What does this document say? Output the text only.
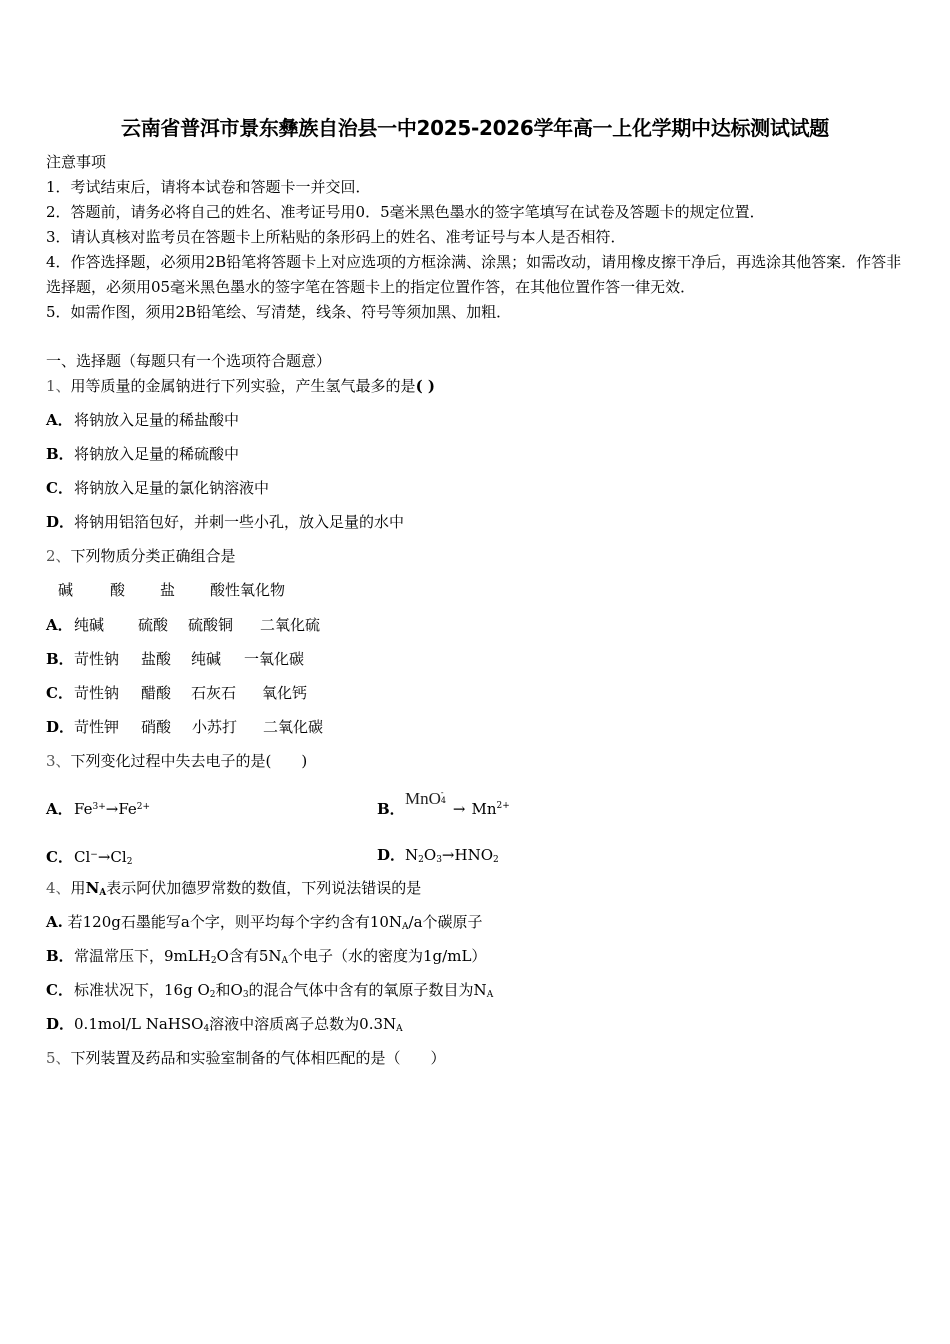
云南省普洱市景东彝族自治县一中2025-2026学年高一上化学期中达标测试试题
注意事项
1．考试结束后，请将本试卷和答题卡一并交回．
2．答题前，请务必将自己的姓名、准考证号用0．5毫米黑色墨水的签字笔填写在试卷及答题卡的规定位置．
3．请认真核对监考员在答题卡上所粘贴的条形码上的姓名、准考证号与本人是否相符．
4．作答选择题，必须用2B铅笔将答题卡上对应选项的方框涂满、涂黑；如需改动，请用橡皮擦干净后，再选涂其他答案．作答非选择题，必须用05毫米黑色墨水的签字笔在答题卡上的指定位置作答，在其他位置作答一律无效．
5．如需作图，须用2B铅笔绘、写清楚，线条、符号等须加黑、加粗．
一、选择题（每题只有一个选项符合题意）
1、用等质量的金属钠进行下列实验，产生氢气最多的是( )
A．将钠放入足量的稀盐酸中
B．将钠放入足量的稀硫酸中
C．将钠放入足量的氯化钠溶液中
D．将钠用铝箔包好，并刺一些小孔，放入足量的水中
2、下列物质分类正确组合是
碱 酸 盐 酸性氧化物
A．纯碱 硫酸 硫酸铜 二氧化硫
B．苛性钠 盐酸 纯碱 一氧化碳
C．苛性钠 醋酸 石灰石 氧化钙
D．苛性钾 硝酸 小苏打 二氧化碳
3、下列变化过程中失去电子的是(　　)
A．$Fe^{3+}\to Fe^{2+}$	B．MnO -
$4 \to Mn^{2+}$
C．$Cl^-\to Cl_2$	D．$N_2O_3\to HNO_2$
4、用$N_A$表示阿伏加德罗常数的数值，下列说法错误的是
A. 若120g石墨能写a个字，则平均每个字约含有$10N_A/a$个碳原子
B．常温常压下，9mLH$_2$O含有$5N_A$个电子（水的密度为1g/mL）
C．标准状况下，16g $O_2$和$O_3$的混合气体中含有的氧原子数目为$N_A$
D．0.1mol/L NaHSO$_4$溶液中溶质离子总数为$0.3N_A$
5、下列装置及药品和实验室制备的气体相匹配的是（　　）
